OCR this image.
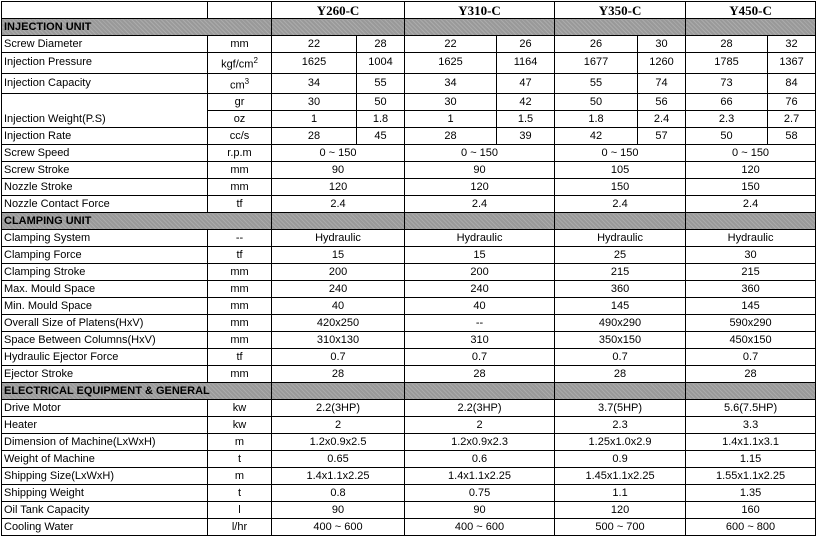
		Y260-C		Y310-C		Y350-C		Y450-C	
INJECTION UNIT									
Screw Diameter	mm	22	28	22	26	26	30	28	32
Injection Pressure	kgf/$cm^2$	1625	1004	1625	1164	1677	1260	1785	1367
Injection Capacity	$cm^3$	34	55	34	47	55	74	73	84
Injection Weight(P.S)	gr	30	50	30	42	50	56	66	76
	oz	1	1.8	1	1.5	1.8	2.4	2.3	2.7
Injection Rate	cc/s	28	45	28	39	42	57	50	58
Screw Speed	r.p.m	0 ~ 150		0 ~ 150		0 ~ 150		0 ~ 150	
Screw Stroke	mm	90		90		105		120	
Nozzle Stroke	mm	120		120		150		150	
Nozzle Contact Force	tf	2.4		2.4		2.4		2.4	
CLAMPING UNIT									
Clamping System	--	Hydraulic		Hydraulic		Hydraulic		Hydraulic	
Clamping Force	tf	15		15		25		30	
Clamping Stroke	mm	200		200		215		215	
Max. Mould Space	mm	240		240		360		360	
Min. Mould Space	mm	40		40		145		145	
Overall Size of Platens(HxV)	mm	420x250		--		490x290		590x290	
Space Between Columns(HxV)	mm	310x130		310		350x150		450x150	
Hydraulic Ejector Force	tf	0.7		0.7		0.7		0.7	
Ejector Stroke	mm	28		28		28		28	
ELECTRICAL EQUIPMENT & GENERAL									
Drive Motor	kw	2.2(3HP)		2.2(3HP)		3.7(5HP)		5.6(7.5HP)	
Heater	kw	2		2		2.3		3.3	
Dimension of Machine(LxWxH)	m	1.2x0.9x2.5		1.2x0.9x2.3		1.25x1.0x2.9		1.4x1.1x3.1	
Weight of Machine	t	0.65		0.6		0.9		1.15	
Shipping Size(LxWxH)	m	1.4x1.1x2.25		1.4x1.1x2.25		1.45x1.1x2.25		1.55x1.1x2.25	
Shipping Weight	t	0.8		0.75		1.1		1.35	
Oil Tank Capacity	l	90		90		120		160	
Cooling Water	l/hr	400 ~ 600		400 ~ 600		500 ~ 700		600 ~ 800	
